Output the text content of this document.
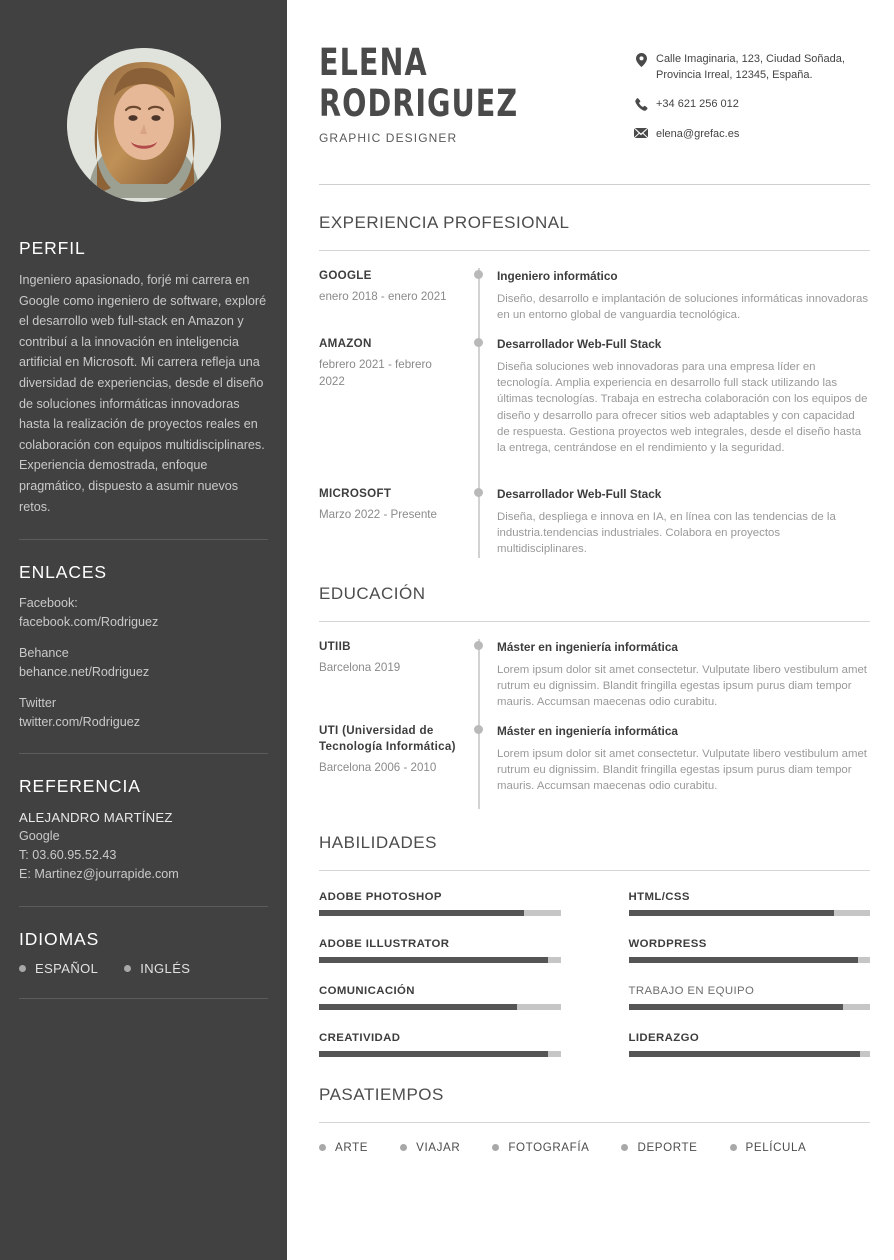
PERFIL

Ingeniero apasionado, forjé mi carrera en Google como ingeniero de software, exploré el desarrollo web full-stack en Amazon y contribuí a la innovación en inteligencia artificial en Microsoft. Mi carrera refleja una diversidad de experiencias, desde el diseño de soluciones informáticas innovadoras hasta la realización de proyectos reales en colaboración con equipos multidisciplinares. Experiencia demostrada, enfoque pragmático, dispuesto a asumir nuevos retos.

ENLACES
Facebook:
facebook.com/Rodriguez
Behance
behance.net/Rodriguez
Twitter
twitter.com/Rodriguez
REFERENCIA
ALEJANDRO MARTÍNEZ
Google
T: 03.60.95.52.43
E: Martinez@jourrapide.com
IDIOMAS
ESPAÑOL	INGLÉS
ELENA
RODRIGUEZ
GRAPHIC DESIGNER
Calle Imaginaria, 123, Ciudad Soñada, Provincia Irreal, 12345, España.
+34 621 256 012
elena@grefac.es
EXPERIENCIA PROFESIONAL
GOOGLE
enero 2018 - enero 2021
Ingeniero informático
Diseño, desarrollo e implantación de soluciones informáticas innovadoras en un entorno global de vanguardia tecnológica.
AMAZON
febrero 2021 - febrero 2022
Desarrollador Web-Full Stack
Diseña soluciones web innovadoras para una empresa líder en tecnología. Amplia experiencia en desarrollo full stack utilizando las últimas tecnologías. Trabaja en estrecha colaboración con los equipos de diseño y desarrollo para ofrecer sitios web adaptables y con capacidad de respuesta. Gestiona proyectos web integrales, desde el diseño hasta la entrega, centrándose en el rendimiento y la seguridad.
MICROSOFT
Marzo 2022 - Presente
Desarrollador Web-Full Stack
Diseña, despliega e innova en IA, en línea con las tendencias de la industria.tendencias industriales. Colabora en proyectos multidisciplinares.
EDUCACIÓN
UTIIB
Barcelona 2019
Máster en ingeniería informática
Lorem ipsum dolor sit amet consectetur. Vulputate libero vestibulum amet rutrum eu dignissim. Blandit fringilla egestas ipsum purus diam tempor mauris. Accumsan maecenas odio curabitu.
UTI (Universidad de Tecnología Informática)
Barcelona 2006 - 2010
Máster en ingeniería informática
Lorem ipsum dolor sit amet consectetur. Vulputate libero vestibulum amet rutrum eu dignissim. Blandit fringilla egestas ipsum purus diam tempor mauris. Accumsan maecenas odio curabitu.
HABILIDADES
ADOBE PHOTOSHOP
ADOBE ILLUSTRATOR
COMUNICACIÓN
CREATIVIDAD
HTML/CSS
WORDPRESS
TRABAJO EN EQUIPO
LIDERAZGO
PASATIEMPOS
ARTE	VIAJAR	FOTOGRAFÍA	DEPORTE	PELÍCULA
